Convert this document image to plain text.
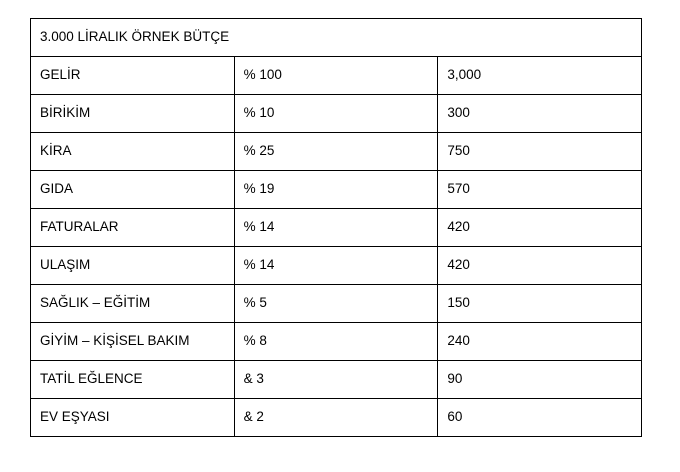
3.000 LİRALIK ÖRNEK BÜTÇE		
GELİR	% 100	3,000
BİRİKİM	% 10	300
KİRA	% 25	750
GIDA	% 19	570
FATURALAR	% 14	420
ULAŞIM	% 14	420
SAĞLIK – EĞİTİM	% 5	150
GİYİM – KİŞİSEL BAKIM	% 8	240
TATİL EĞLENCE	& 3	90
EV EŞYASI	& 2	60
